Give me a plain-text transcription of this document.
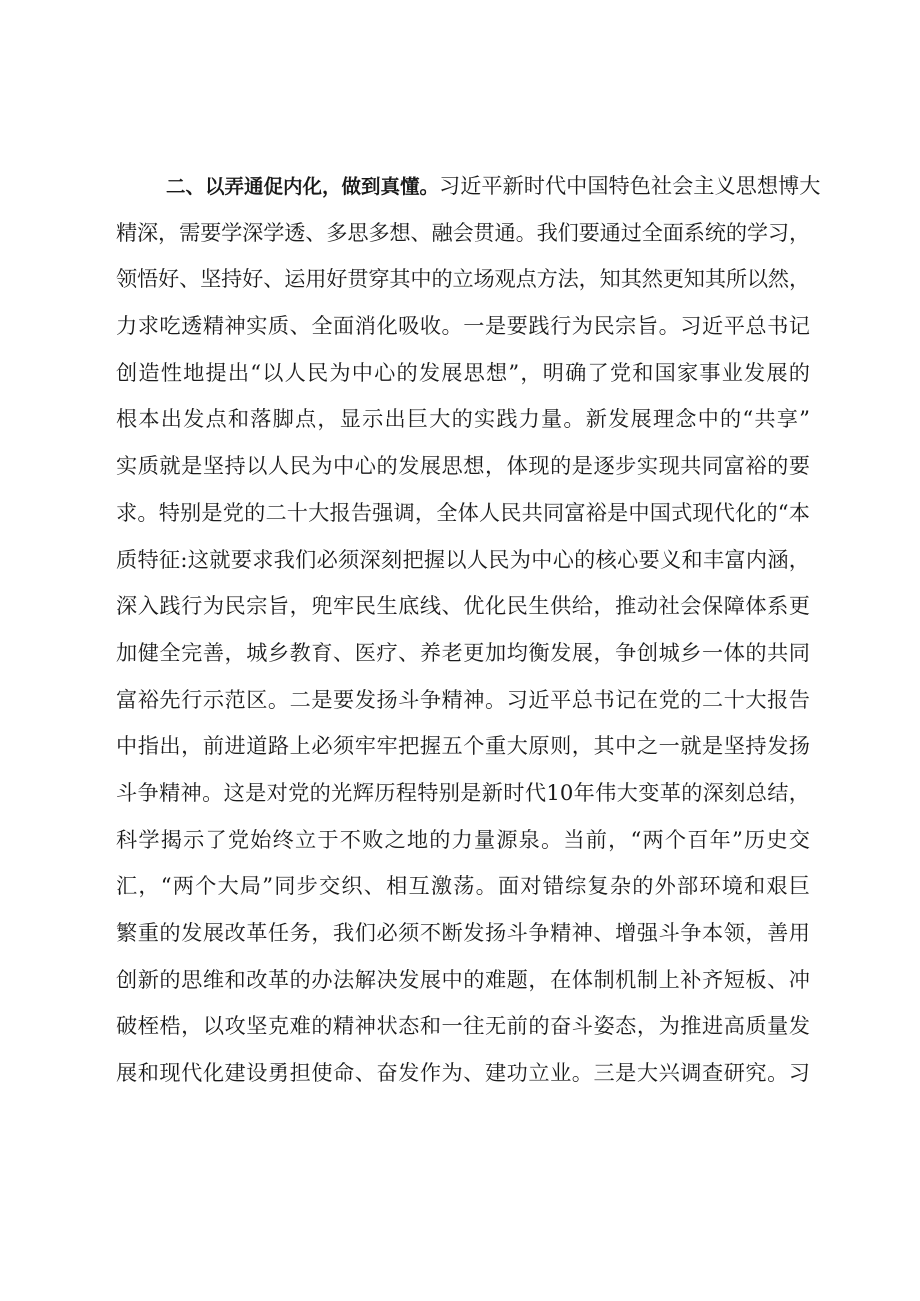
二、以弄通促内化，做到真懂。习近平新时代中国特色社会主义思想博大
精深，需要学深学透、多思多想、融会贯通。我们要通过全面系统的学习，
领悟好、坚持好、运用好贯穿其中的立场观点方法，知其然更知其所以然，
力求吃透精神实质、全面消化吸收。一是要践行为民宗旨。习近平总书记
创造性地提出“以人民为中心的发展思想”，明确了党和国家事业发展的
根本出发点和落脚点，显示出巨大的实践力量。新发展理念中的“共享”
实质就是坚持以人民为中心的发展思想，体现的是逐步实现共同富裕的要
求。特别是党的二十大报告强调，全体人民共同富裕是中国式现代化的“本
质特征:这就要求我们必须深刻把握以人民为中心的核心要义和丰富内涵，
深入践行为民宗旨，兜牢民生底线、优化民生供给，推动社会保障体系更
加健全完善，城乡教育、医疗、养老更加均衡发展，争创城乡一体的共同
富裕先行示范区。二是要发扬斗争精神。习近平总书记在党的二十大报告
中指出，前进道路上必须牢牢把握五个重大原则，其中之一就是坚持发扬
斗争精神。这是对党的光辉历程特别是新时代10年伟大变革的深刻总结，
科学揭示了党始终立于不败之地的力量源泉。当前，“两个百年”历史交
汇，“两个大局”同步交织、相互激荡。面对错综复杂的外部环境和艰巨
繁重的发展改革任务，我们必须不断发扬斗争精神、增强斗争本领，善用
创新的思维和改革的办法解决发展中的难题，在体制机制上补齐短板、冲
破桎梏，以攻坚克难的精神状态和一往无前的奋斗姿态，为推进高质量发
展和现代化建设勇担使命、奋发作为、建功立业。三是大兴调查研究。习
